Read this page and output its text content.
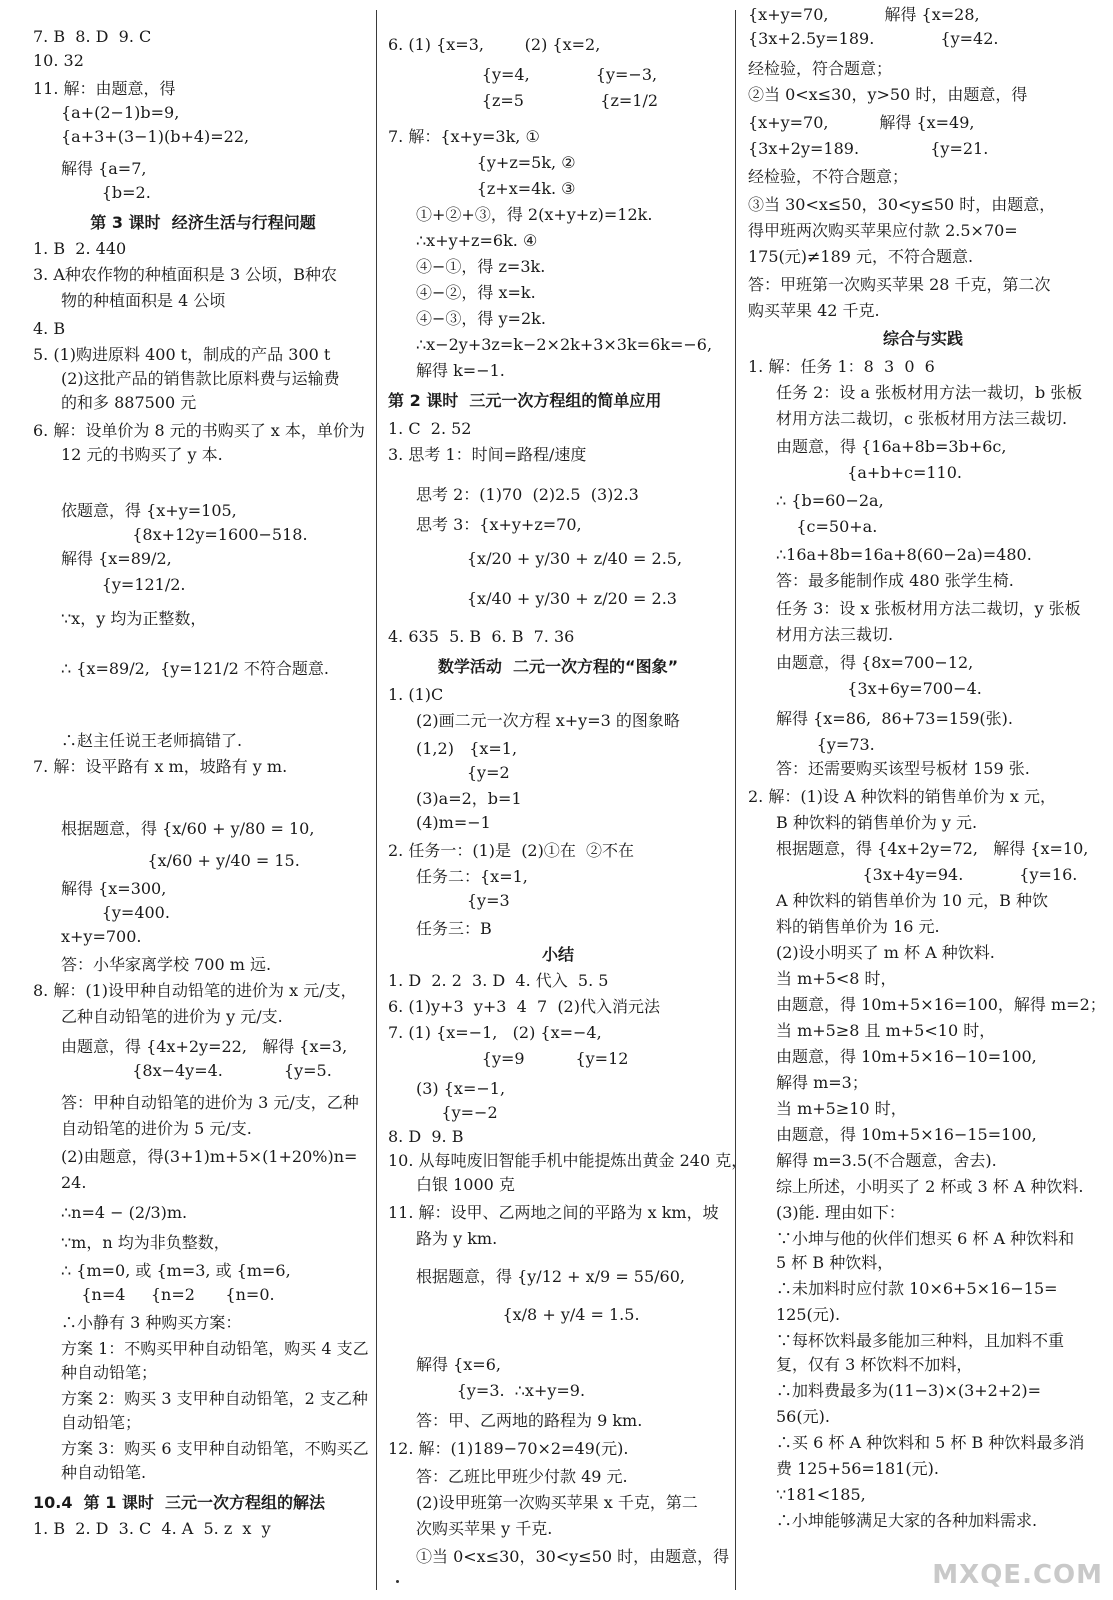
7. B  8. D  9. C
10. 32
11. 解：由题意，得
{a+(2−1)b=9,
{a+3+(3−1)(b+4)=22,
解得 {a=7,
{b=2.
第 3 课时  经济生活与行程问题
1. B  2. 440
3. A种农作物的种植面积是 3 公顷，B种农
物的种植面积是 4 公顷
4. B
5. (1)购进原料 400 t，制成的产品 300 t
(2)这批产品的销售款比原料费与运输费
的和多 887500 元
6. 解：设单价为 8 元的书购买了 x 本，单价为
12 元的书购买了 y 本.
依题意，得 {x+y=105,
{8x+12y=1600−518.
解得 {x=89/2,
{y=121/2.
∵x，y 均为正整数，
∴ {x=89/2,  {y=121/2 不符合题意.
∴赵主任说王老师搞错了.
7. 解：设平路有 x m，坡路有 y m.
根据题意，得 {x/60 + y/80 = 10,
{x/60 + y/40 = 15.
解得 {x=300,
{y=400.
x+y=700.
答：小华家离学校 700 m 远.
8. 解：(1)设甲种自动铅笔的进价为 x 元/支，
乙种自动铅笔的进价为 y 元/支.
由题意，得 {4x+2y=22,   解得 {x=3,
{8x−4y=4.            {y=5.
答：甲种自动铅笔的进价为 3 元/支，乙种
自动铅笔的进价为 5 元/支.
(2)由题意，得(3+1)m+5×(1+20%)n=
24.
∴n=4 − (2/3)m.
∵m，n 均为非负整数，
∴ {m=0, 或 {m=3, 或 {m=6,
{n=4     {n=2      {n=0.
∴小静有 3 种购买方案：
方案 1：不购买甲种自动铅笔，购买 4 支乙
种自动铅笔；
方案 2：购买 3 支甲种自动铅笔，2 支乙种
自动铅笔；
方案 3：购买 6 支甲种自动铅笔，不购买乙
种自动铅笔.
10.4  第 1 课时  三元一次方程组的解法
1. B  2. D  3. C  4. A  5. z  x  y
6. (1) {x=3,        (2) {x=2,
{y=4,             {y=−3,
{z=5               {z=1/2
7. 解：{x+y=3k, ①
{y+z=5k, ②
{z+x=4k. ③
①+②+③，得 2(x+y+z)=12k.
∴x+y+z=6k. ④
④−①，得 z=3k.
④−②，得 x=k.
④−③，得 y=2k.
∴x−2y+3z=k−2×2k+3×3k=6k=−6,
解得 k=−1.
第 2 课时  三元一次方程组的简单应用
1. C  2. 52
3. 思考 1：时间=路程/速度
思考 2：(1)70  (2)2.5  (3)2.3
思考 3：{x+y+z=70,
{x/20 + y/30 + z/40 = 2.5,
{x/40 + y/30 + z/20 = 2.3
4. 635  5. B  6. B  7. 36
数学活动  二元一次方程的“图象”
1. (1)C
(2)画二元一次方程 x+y=3 的图象略
(1,2)   {x=1,
{y=2
(3)a=2，b=1
(4)m=−1
2. 任务一：(1)是  (2)①在  ②不在
任务二：{x=1,
{y=3
任务三：B
小结
1. D  2. 2  3. D  4. 代入  5. 5
6. (1)y+3  y+3  4  7  (2)代入消元法
7. (1) {x=−1,   (2) {x=−4,
{y=9          {y=12
(3) {x=−1,
{y=−2
8. D  9. B
10. 从每吨废旧智能手机中能提炼出黄金 240 克，
白银 1000 克
11. 解：设甲、乙两地之间的平路为 x km，坡
路为 y km.
根据题意，得 {y/12 + x/9 = 55/60,
{x/8 + y/4 = 1.5.
解得 {x=6,
{y=3.  ∴x+y=9.
答：甲、乙两地的路程为 9 km.
12. 解：(1)189−70×2=49(元).
答：乙班比甲班少付款 49 元.
(2)设甲班第一次购买苹果 x 千克，第二
次购买苹果 y 千克.
①当 0<x≤30，30<y≤50 时，由题意，得
{x+y=70,           解得 {x=28,
{3x+2.5y=189.             {y=42.
经检验，符合题意；
②当 0<x≤30，y>50 时，由题意，得
{x+y=70,          解得 {x=49,
{3x+2y=189.              {y=21.
经检验，不符合题意；
③当 30<x≤50，30<y≤50 时，由题意，
得甲班两次购买苹果应付款 2.5×70=
175(元)≠189 元，不符合题意.
答：甲班第一次购买苹果 28 千克，第二次
购买苹果 42 千克.
综合与实践
1. 解：任务 1：8  3  0  6
任务 2：设 a 张板材用方法一裁切，b 张板
材用方法二裁切，c 张板材用方法三裁切.
由题意，得 {16a+8b=3b+6c,
{a+b+c=110.
∴ {b=60−2a,
{c=50+a.
∴16a+8b=16a+8(60−2a)=480.
答：最多能制作成 480 张学生椅.
任务 3：设 x 张板材用方法二裁切，y 张板
材用方法三裁切.
由题意，得 {8x=700−12,
{3x+6y=700−4.
解得 {x=86,  86+73=159(张).
{y=73.
答：还需要购买该型号板材 159 张.
2. 解：(1)设 A 种饮料的销售单价为 x 元，
B 种饮料的销售单价为 y 元.
根据题意，得 {4x+2y=72,   解得 {x=10,
{3x+4y=94.           {y=16.
A 种饮料的销售单价为 10 元，B 种饮
料的销售单价为 16 元.
(2)设小明买了 m 杯 A 种饮料.
当 m+5<8 时，
由题意，得 10m+5×16=100，解得 m=2；
当 m+5≥8 且 m+5<10 时，
由题意，得 10m+5×16−10=100,
解得 m=3；
当 m+5≥10 时，
由题意，得 10m+5×16−15=100,
解得 m=3.5(不合题意，舍去).
综上所述，小明买了 2 杯或 3 杯 A 种饮料.
(3)能. 理由如下：
∵小坤与他的伙伴们想买 6 杯 A 种饮料和
5 杯 B 种饮料，
∴未加料时应付款 10×6+5×16−15=
125(元).
∵每杯饮料最多能加三种料，且加料不重
复，仅有 3 杯饮料不加料，
∴加料费最多为(11−3)×(3+2+2)=
56(元).
∴买 6 杯 A 种饮料和 5 杯 B 种饮料最多消
费 125+56=181(元).
∵181<185,
∴小坤能够满足大家的各种加料需求.
MXQE.COM
